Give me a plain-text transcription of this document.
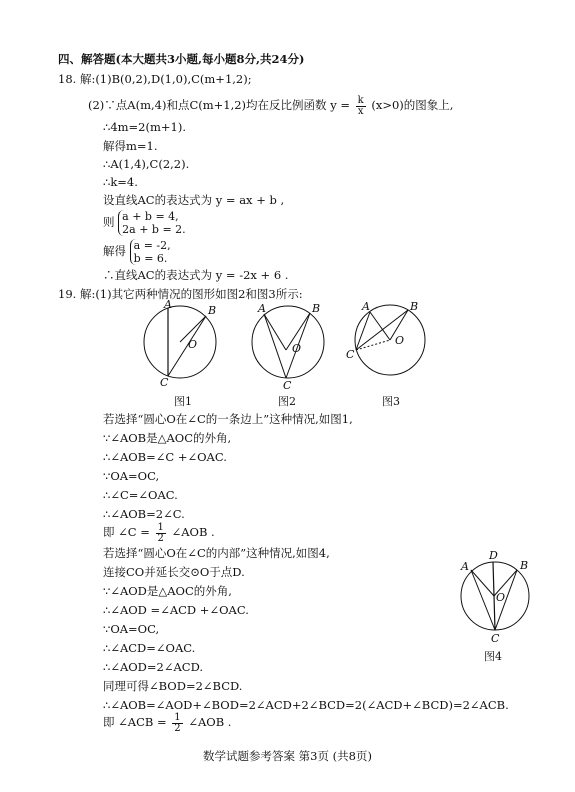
四、解答题(本大题共3小题,每小题8分,共24分)
18. 解:(1)B(0,2),D(1,0),C(m+1,2);
(2)∵点A(m,4)和点C(m+1,2)均在反比例函数 $y = \frac{k}{x} (x>0)$的图象上,
∴4m=2(m+1).
解得m=1.
∴A(1,4),C(2,2).
∴k=4.
设直线AC的表达式为 y = ax + b ,
则 a + b = 4,
2a + b = 2.
解得 a = -2,
b = 6.
∴直线AC的表达式为 y = -2x + 6 .
19. 解:(1)其它两种情况的图形如图2和图3所示:
A	B
C
O
A	B
C
O
A	B
C
O
图1	图2	图3
若选择“圆心O在∠C的一条边上”这种情况,如图1,
∵∠AOB是△AOC的外角,
∴∠AOB=∠C +∠OAC.
∵OA=OC,
∴∠C=∠OAC.
∴∠AOB=2∠C.
即 ∠C = $\frac{1}{2}$ ∠AOB .
若选择“圆心O在∠C的内部”这种情况,如图4,
连接CO并延长交⊙O于点D.
∵∠AOD是△AOC的外角,
∴∠AOD =∠ACD +∠OAC.
∵OA=OC,
∴∠ACD=∠OAC.
∴∠AOD=2∠ACD.
同理可得∠BOD=2∠BCD.
∴∠AOB=∠AOD+∠BOD=2∠ACD+2∠BCD=2(∠ACD+∠BCD)=2∠ACB.
即 ∠ACB = $\frac{1}{2}$ ∠AOB .
D
A	B
O
C
图4
数学试题参考答案 第3页 (共8页)
